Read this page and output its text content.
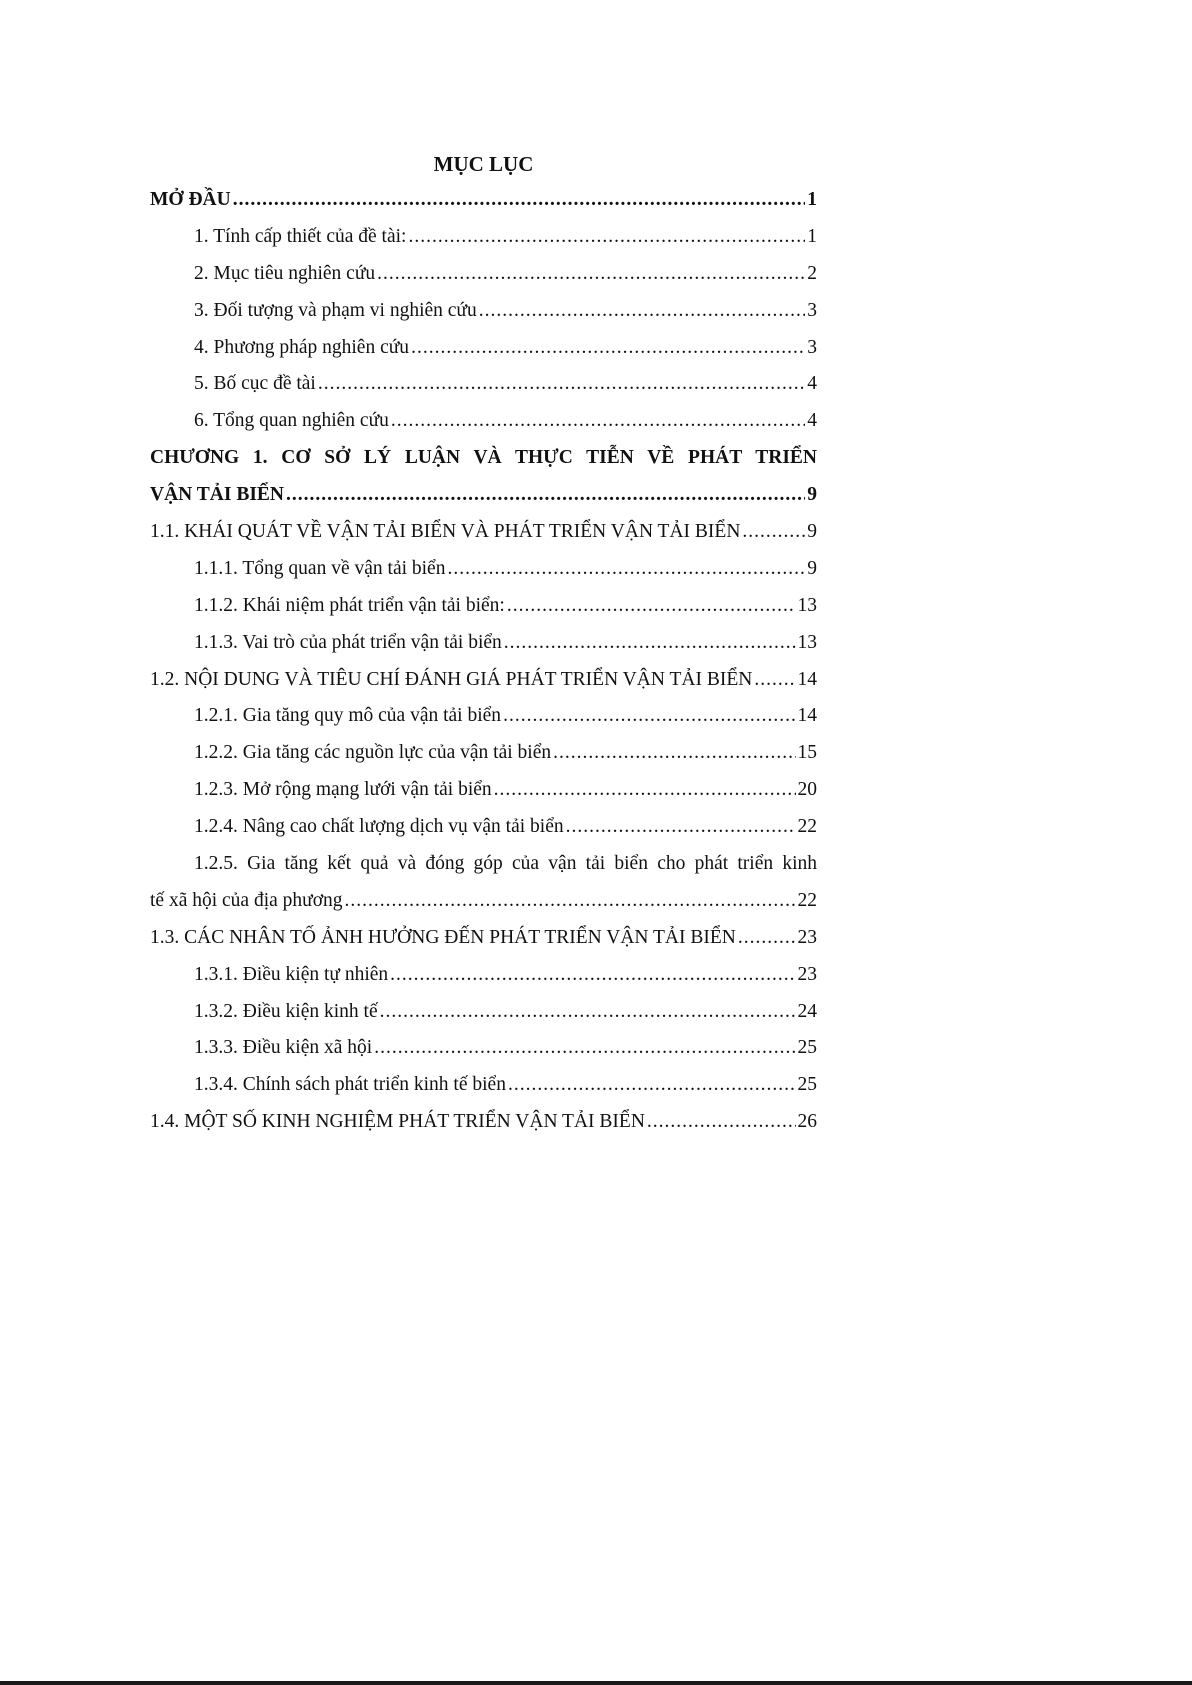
MỤC LỤC
MỞ ĐẦU .....	1
1. Tính cấp thiết của đề tài: .....	1
2. Mục tiêu nghiên cứu .....	2
3. Đối tượng và phạm vi nghiên cứu .....	3
4. Phương pháp nghiên cứu .....	3
5. Bố cục đề tài .....	4
6. Tổng quan nghiên cứu .....	4
CHƯƠNG 1. CƠ SỞ LÝ LUẬN VÀ THỰC TIỄN VỀ PHÁT TRIỂN
VẬN TẢI BIỂN .....	9
1.1. KHÁI QUÁT VỀ VẬN TẢI BIỂN VÀ PHÁT TRIỂN VẬN TẢI BIỂN .....	9
1.1.1. Tổng quan về vận tải biển .....	9
1.1.2. Khái niệm phát triển vận tải biển: .....	13
1.1.3. Vai trò của phát triển vận tải biển .....	13
1.2. NỘI DUNG VÀ TIÊU CHÍ ĐÁNH GIÁ PHÁT TRIỂN VẬN TẢI BIỂN ..... 14
1.2.1. Gia tăng quy mô của vận tải biển .....	14
1.2.2. Gia tăng các nguồn lực của vận tải biển .....	15
1.2.3. Mở rộng mạng lưới vận tải biển .....	20
1.2.4. Nâng cao chất lượng dịch vụ vận tải biển .....	22
1.2.5. Gia tăng kết quả và đóng góp của vận tải biển cho phát triển kinh
tế xã hội của địa phương .....	22
1.3. CÁC NHÂN TỐ ẢNH HƯỞNG ĐẾN PHÁT TRIỂN VẬN TẢI BIỂN .....	23
1.3.1. Điều kiện tự nhiên .....	23
1.3.2. Điều kiện kinh tế .....	24
1.3.3. Điều kiện xã hội .....	25
1.3.4. Chính sách phát triển kinh tế biển .....	25
1.4. MỘT SỐ KINH NGHIỆM PHÁT TRIỂN VẬN TẢI BIỂN .....	26
